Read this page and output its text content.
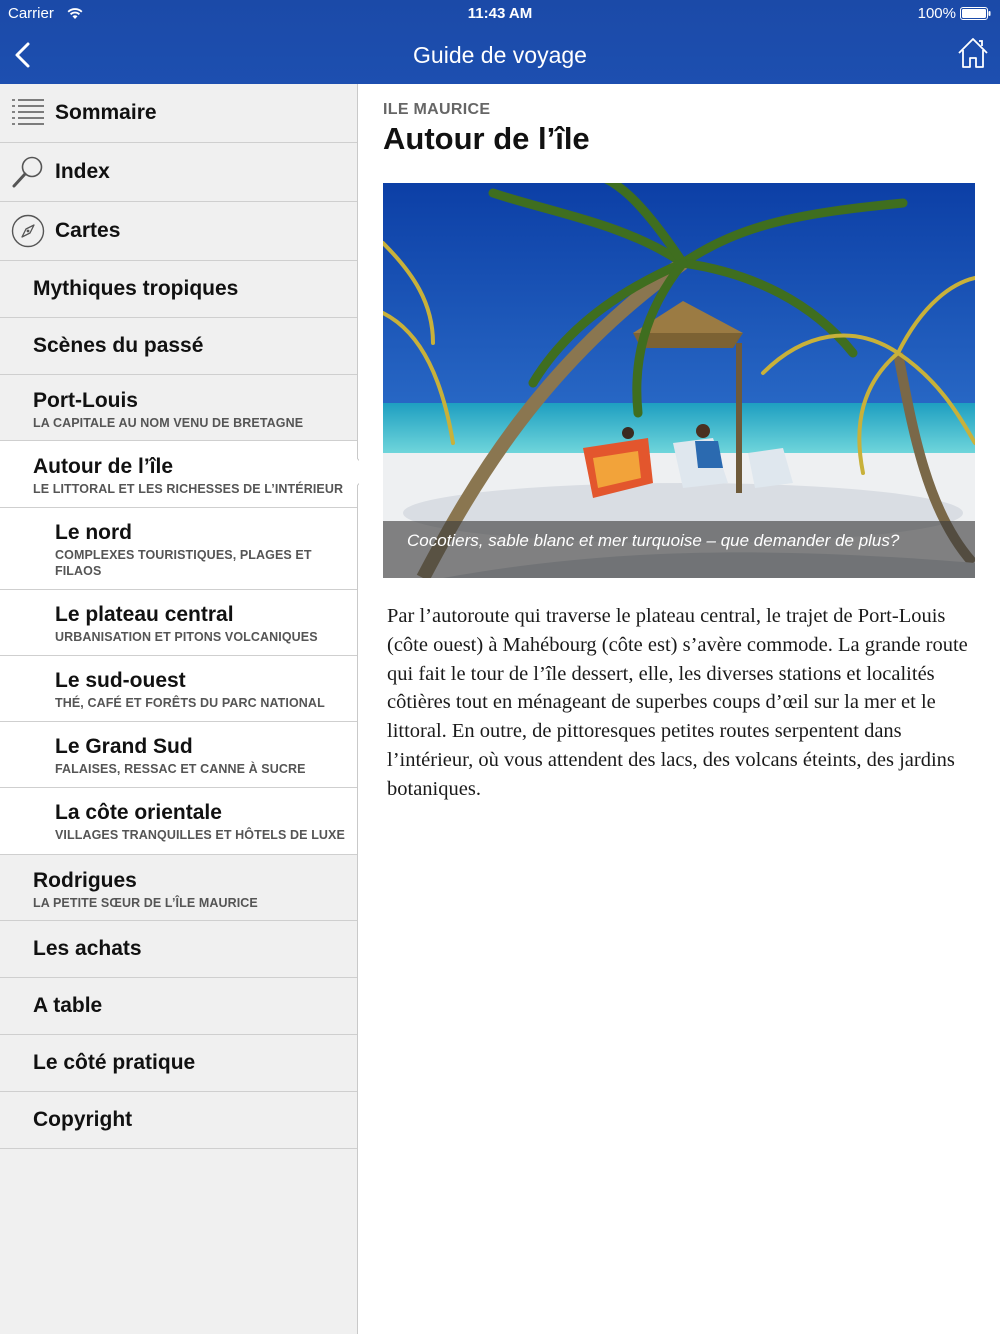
Carrier	11:43 AM	100%
Guide de voyage
Sommaire
Index
Cartes
Mythiques tropiques
Scènes du passé
Port-Louis
LA CAPITALE AU NOM VENU DE BRETAGNE
Autour de l’île
LE LITTORAL ET LES RICHESSES DE L’INTÉRIEUR
Le nord
COMPLEXES TOURISTIQUES, PLAGES ET FILAOS
Le plateau central
URBANISATION ET PITONS VOLCANIQUES
Le sud-ouest
THÉ, CAFÉ ET FORÊTS DU PARC NATIONAL
Le Grand Sud
FALAISES, RESSAC ET CANNE À SUCRE
La côte orientale
VILLAGES TRANQUILLES ET HÔTELS DE LUXE
Rodrigues
LA PETITE SŒUR DE L’ÎLE MAURICE
Les achats
A table
Le côté pratique
Copyright
ILE MAURICE
Autour de l’île
Cocotiers, sable blanc et mer turquoise – que demander de plus?

Par l’autoroute qui traverse le plateau central, le trajet de Port-Louis (côte ouest) à Mahébourg (côte est) s’avère commode. La grande route qui fait le tour de l’île dessert, elle, les diverses stations et localités côtières tout en ménageant de superbes coups d’œil sur la mer et le littoral. En outre, de pittoresques petites routes serpentent dans l’intérieur, où vous attendent des lacs, des volcans éteints, des jardins botaniques.
